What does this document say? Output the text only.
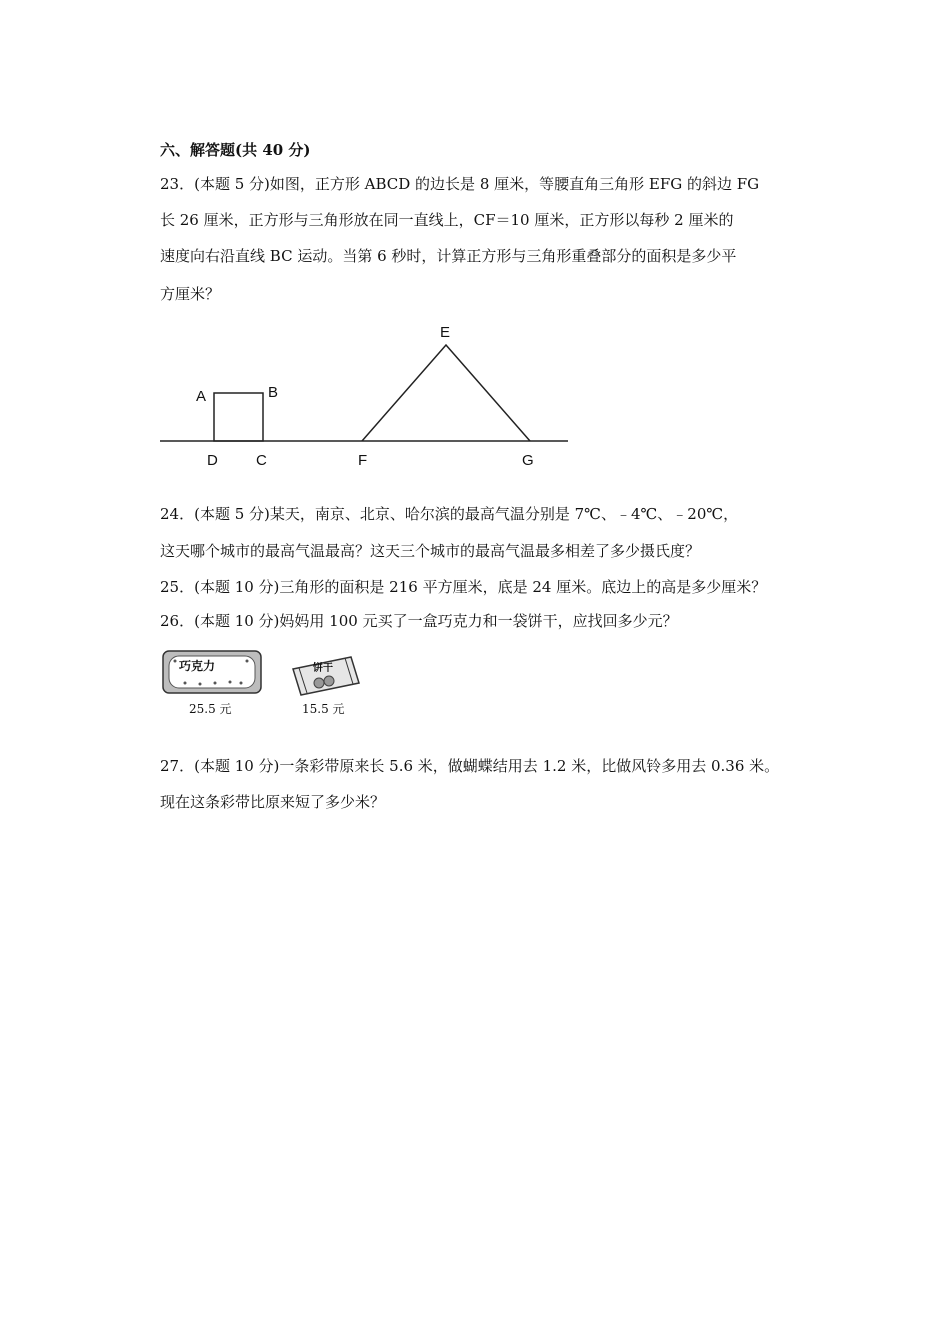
六、解答题(共 40 分)
23．(本题 5 分)如图，正方形 ABCD 的边长是 8 厘米，等腰直角三角形 EFG 的斜边 FG
长 26 厘米，正方形与三角形放在同一直线上，CF＝10 厘米，正方形以每秒 2 厘米的
速度向右沿直线 BC 运动。当第 6 秒时，计算正方形与三角形重叠部分的面积是多少平
方厘米？
A	B
D	C
E
F	G
24．(本题 5 分)某天，南京、北京、哈尔滨的最高气温分别是 7℃、﹣4℃、﹣20℃，
这天哪个城市的最高气温最高？这天三个城市的最高气温最多相差了多少摄氏度？
25．(本题 10 分)三角形的面积是 216 平方厘米，底是 24 厘米。底边上的高是多少厘米？
26．(本题 10 分)妈妈用 100 元买了一盒巧克力和一袋饼干，应找回多少元？
巧克力
25.5 元
饼干
15.5 元
27．(本题 10 分)一条彩带原来长 5.6 米，做蝴蝶结用去 1.2 米，比做风铃多用去 0.36 米。
现在这条彩带比原来短了多少米？
